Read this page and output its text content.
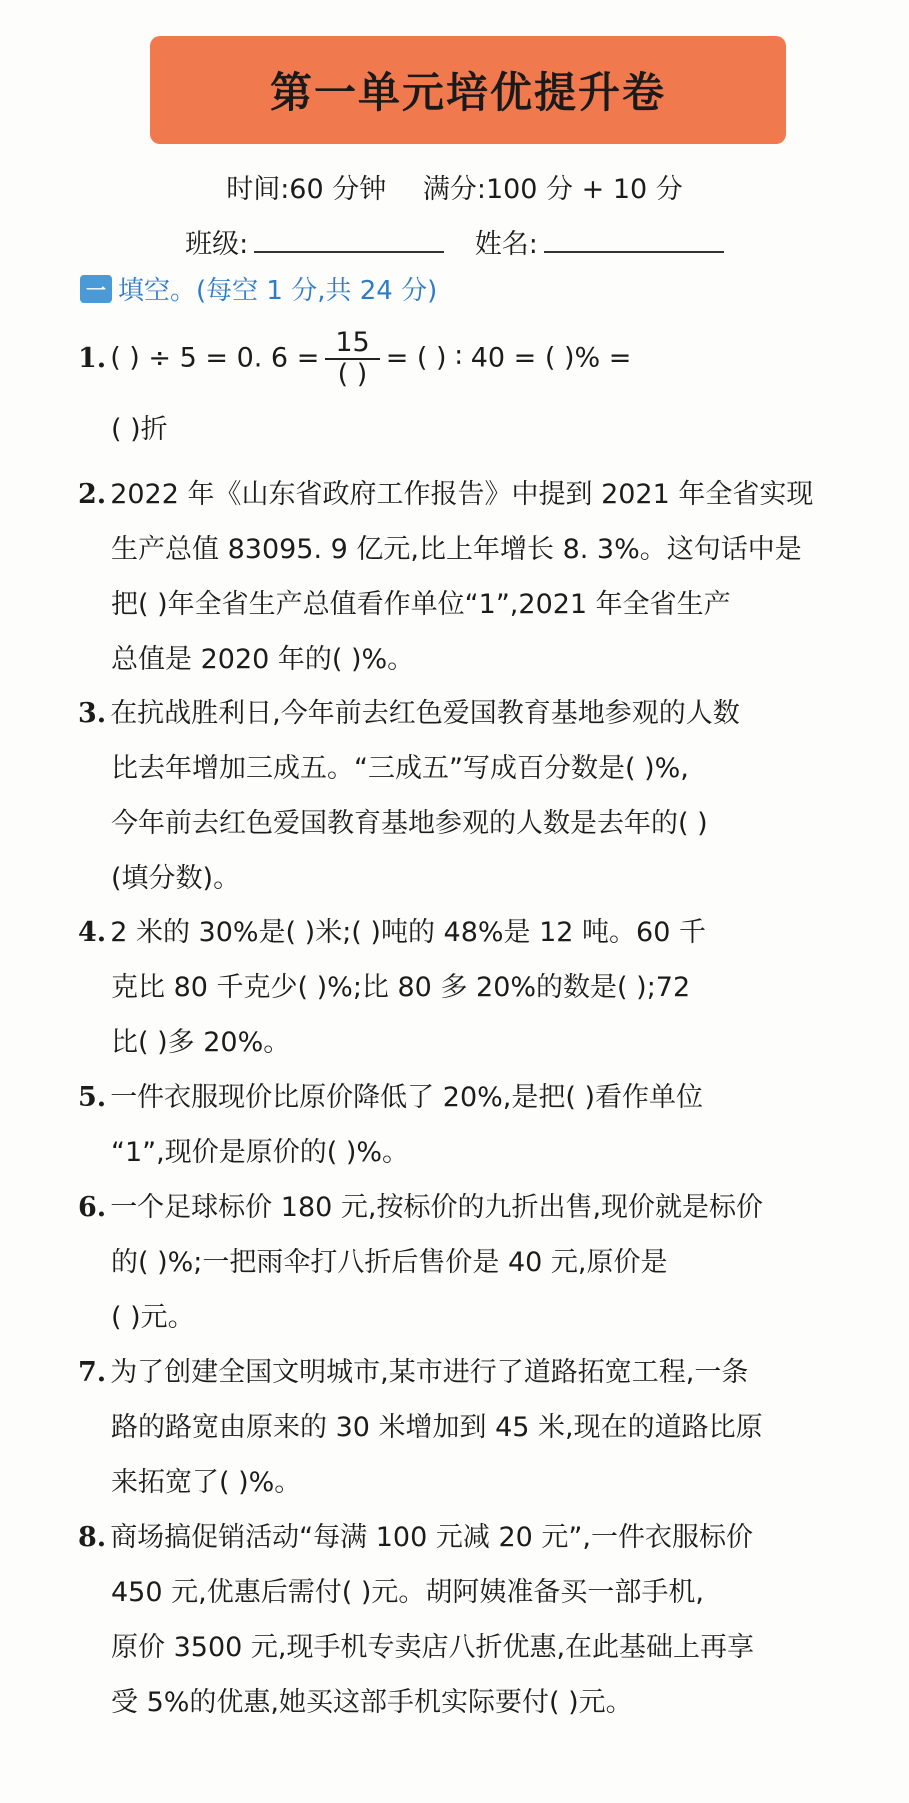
第一单元培优提升卷
时间:60 分钟 满分:100 分 + 10 分
班级:	姓名:
一 填空。(每空 1 分,共 24 分)
1. ( ) ÷ 5 = 0. $6 = \frac{15}{( )}$ = ( ) ∶ 40 = ( )% =
( )折
2. 2022 年《山东省政府工作报告》中提到 2021 年全省实现
生产总值 83095. 9 亿元,比上年增长 8. 3%。这句话中是
把( )年全省生产总值看作单位“1”,2021 年全省生产
总值是 2020 年的( )%。
3. 在抗战胜利日,今年前去红色爱国教育基地参观的人数
比去年增加三成五。“三成五”写成百分数是( )%,
今年前去红色爱国教育基地参观的人数是去年的( )
(填分数)。
4. 2 米的 30%是( )米;( )吨的 48%是 12 吨。60 千
克比 80 千克少( )%;比 80 多 20%的数是( );72
比( )多 20%。
5. 一件衣服现价比原价降低了 20%,是把( )看作单位
“1”,现价是原价的( )%。
6. 一个足球标价 180 元,按标价的九折出售,现价就是标价
的( )%;一把雨伞打八折后售价是 40 元,原价是
( )元。
7. 为了创建全国文明城市,某市进行了道路拓宽工程,一条
路的路宽由原来的 30 米增加到 45 米,现在的道路比原
来拓宽了( )%。
8. 商场搞促销活动“每满 100 元减 20 元”,一件衣服标价
450 元,优惠后需付( )元。胡阿姨准备买一部手机,
原价 3500 元,现手机专卖店八折优惠,在此基础上再享
受 5%的优惠,她买这部手机实际要付( )元。
